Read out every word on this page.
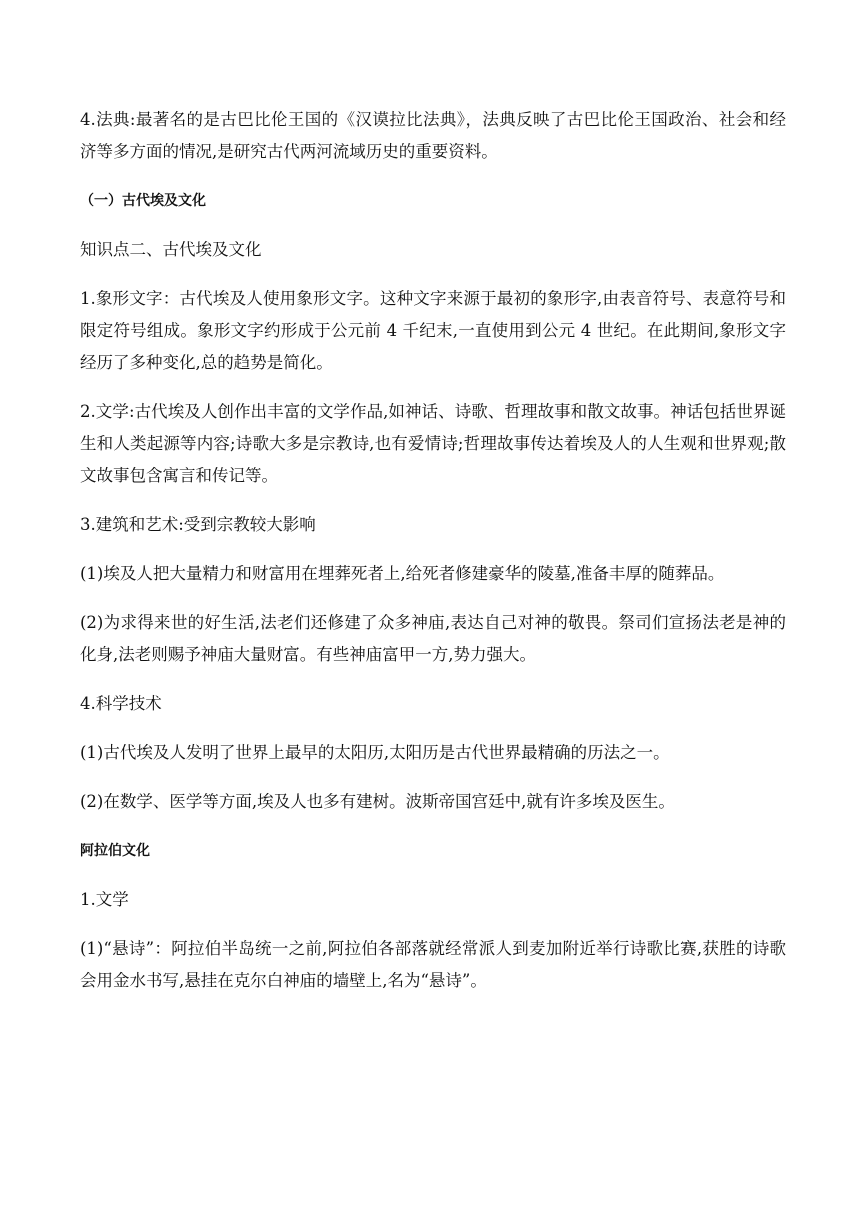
4.法典:最著名的是古巴比伦王国的《汉谟拉比法典》，法典反映了古巴比伦王国政治、社会和经济等多方面的情况,是研究古代两河流域历史的重要资料。

（一）古代埃及文化

知识点二、古代埃及文化

1.象形文字：古代埃及人使用象形文字。这种文字来源于最初的象形字,由表音符号、表意符号和限定符号组成。象形文字约形成于公元前 4 千纪末,一直使用到公元 4 世纪。在此期间,象形文字经历了多种变化,总的趋势是简化。

2.文学:古代埃及人创作出丰富的文学作品,如神话、诗歌、哲理故事和散文故事。神话包括世界诞生和人类起源等内容;诗歌大多是宗教诗,也有爱情诗;哲理故事传达着埃及人的人生观和世界观;散文故事包含寓言和传记等。

3.建筑和艺术:受到宗教较大影响

(1)埃及人把大量精力和财富用在埋葬死者上,给死者修建豪华的陵墓,准备丰厚的随葬品。

(2)为求得来世的好生活,法老们还修建了众多神庙,表达自己对神的敬畏。祭司们宣扬法老是神的化身,法老则赐予神庙大量财富。有些神庙富甲一方,势力强大。

4.科学技术

(1)古代埃及人发明了世界上最早的太阳历,太阳历是古代世界最精确的历法之一。

(2)在数学、医学等方面,埃及人也多有建树。波斯帝国宫廷中,就有许多埃及医生。

阿拉伯文化

1.文学

(1)“悬诗”：阿拉伯半岛统一之前,阿拉伯各部落就经常派人到麦加附近举行诗歌比赛,获胜的诗歌会用金水书写,悬挂在克尔白神庙的墙壁上,名为“悬诗”。
